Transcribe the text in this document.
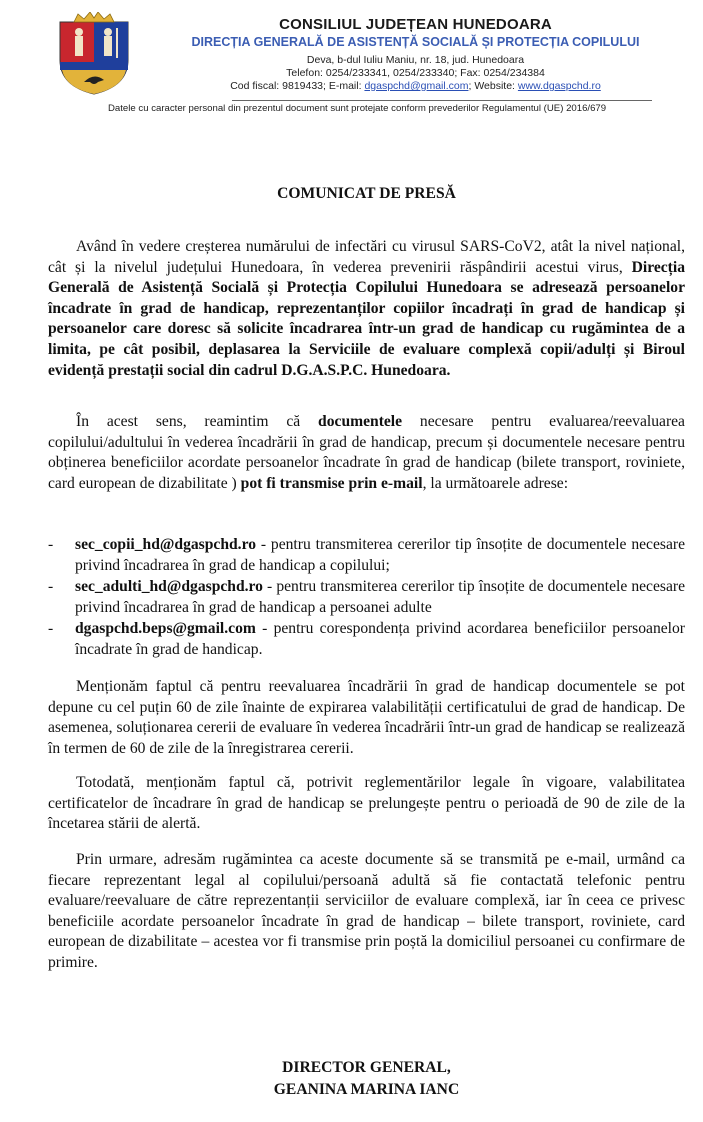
CONSILIUL JUDEȚEAN HUNEDOARA
DIRECȚIA GENERALĂ DE ASISTENȚĂ SOCIALĂ ȘI PROTECȚIA COPILULUI
Deva, b-dul Iuliu Maniu, nr. 18, jud. Hunedoara
Telefon: 0254/233341, 0254/233340; Fax: 0254/234384
Cod fiscal: 9819433; E-mail: dgaspchd@gmail.com; Website: www.dgaspchd.ro
Datele cu caracter personal din prezentul document sunt protejate conform prevederilor Regulamentul (UE) 2016/679
COMUNICAT DE PRESĂ
Având în vedere creșterea numărului de infectări cu virusul SARS-CoV2, atât la nivel național, cât și la nivelul județului Hunedoara, în vederea prevenirii răspândirii acestui virus, Direcția Generală de Asistență Socială și Protecția Copilului Hunedoara se adresează persoanelor încadrate în grad de handicap, reprezentanților copiilor încadrați în grad de handicap și persoanelor care doresc să solicite încadrarea într-un grad de handicap cu rugămintea de a limita, pe cât posibil, deplasarea la Serviciile de evaluare complexă copii/adulți și Biroul evidență prestații social din cadrul D.G.A.S.P.C. Hunedoara.
În acest sens, reamintim că documentele necesare pentru evaluarea/reevaluarea copilului/adultului în vederea încadrării în grad de handicap, precum și documentele necesare pentru obținerea beneficiilor acordate persoanelor încadrate în grad de handicap (bilete transport, roviniete, card european de dizabilitate ) pot fi transmise prin e-mail, la următoarele adrese:
-	sec_copii_hd@dgaspchd.ro - pentru transmiterea cererilor tip însoțite de documentele necesare privind încadrarea în grad de handicap a copilului;
-	sec_adulti_hd@dgaspchd.ro - pentru transmiterea cererilor tip însoțite de documentele necesare privind încadrarea în grad de handicap a persoanei adulte
-	dgaspchd.beps@gmail.com - pentru corespondența privind acordarea beneficiilor persoanelor încadrate în grad de handicap.
Menționăm faptul că pentru reevaluarea încadrării în grad de handicap documentele se pot depune cu cel puțin 60 de zile înainte de expirarea valabilității certificatului de grad de handicap. De asemenea, soluționarea cererii de evaluare în vederea încadrării într-un grad de handicap se realizează în termen de 60 de zile de la înregistrarea cererii.
Totodată, menționăm faptul că, potrivit reglementărilor legale în vigoare, valabilitatea certificatelor de încadrare în grad de handicap se prelungește pentru o perioadă de 90 de zile de la încetarea stării de alertă.
Prin urmare, adresăm rugămintea ca aceste documente să se transmită pe e-mail, urmând ca fiecare reprezentant legal al copilului/persoană adultă să fie contactată telefonic pentru evaluare/reevaluare de către reprezentanții serviciilor de evaluare complexă, iar în ceea ce privesc beneficiile acordate persoanelor încadrate în grad de handicap – bilete transport, roviniete, card european de dizabilitate – acestea vor fi transmise prin poștă la domiciliul persoanei cu confirmare de primire.
DIRECTOR GENERAL,
GEANINA MARINA IANC
